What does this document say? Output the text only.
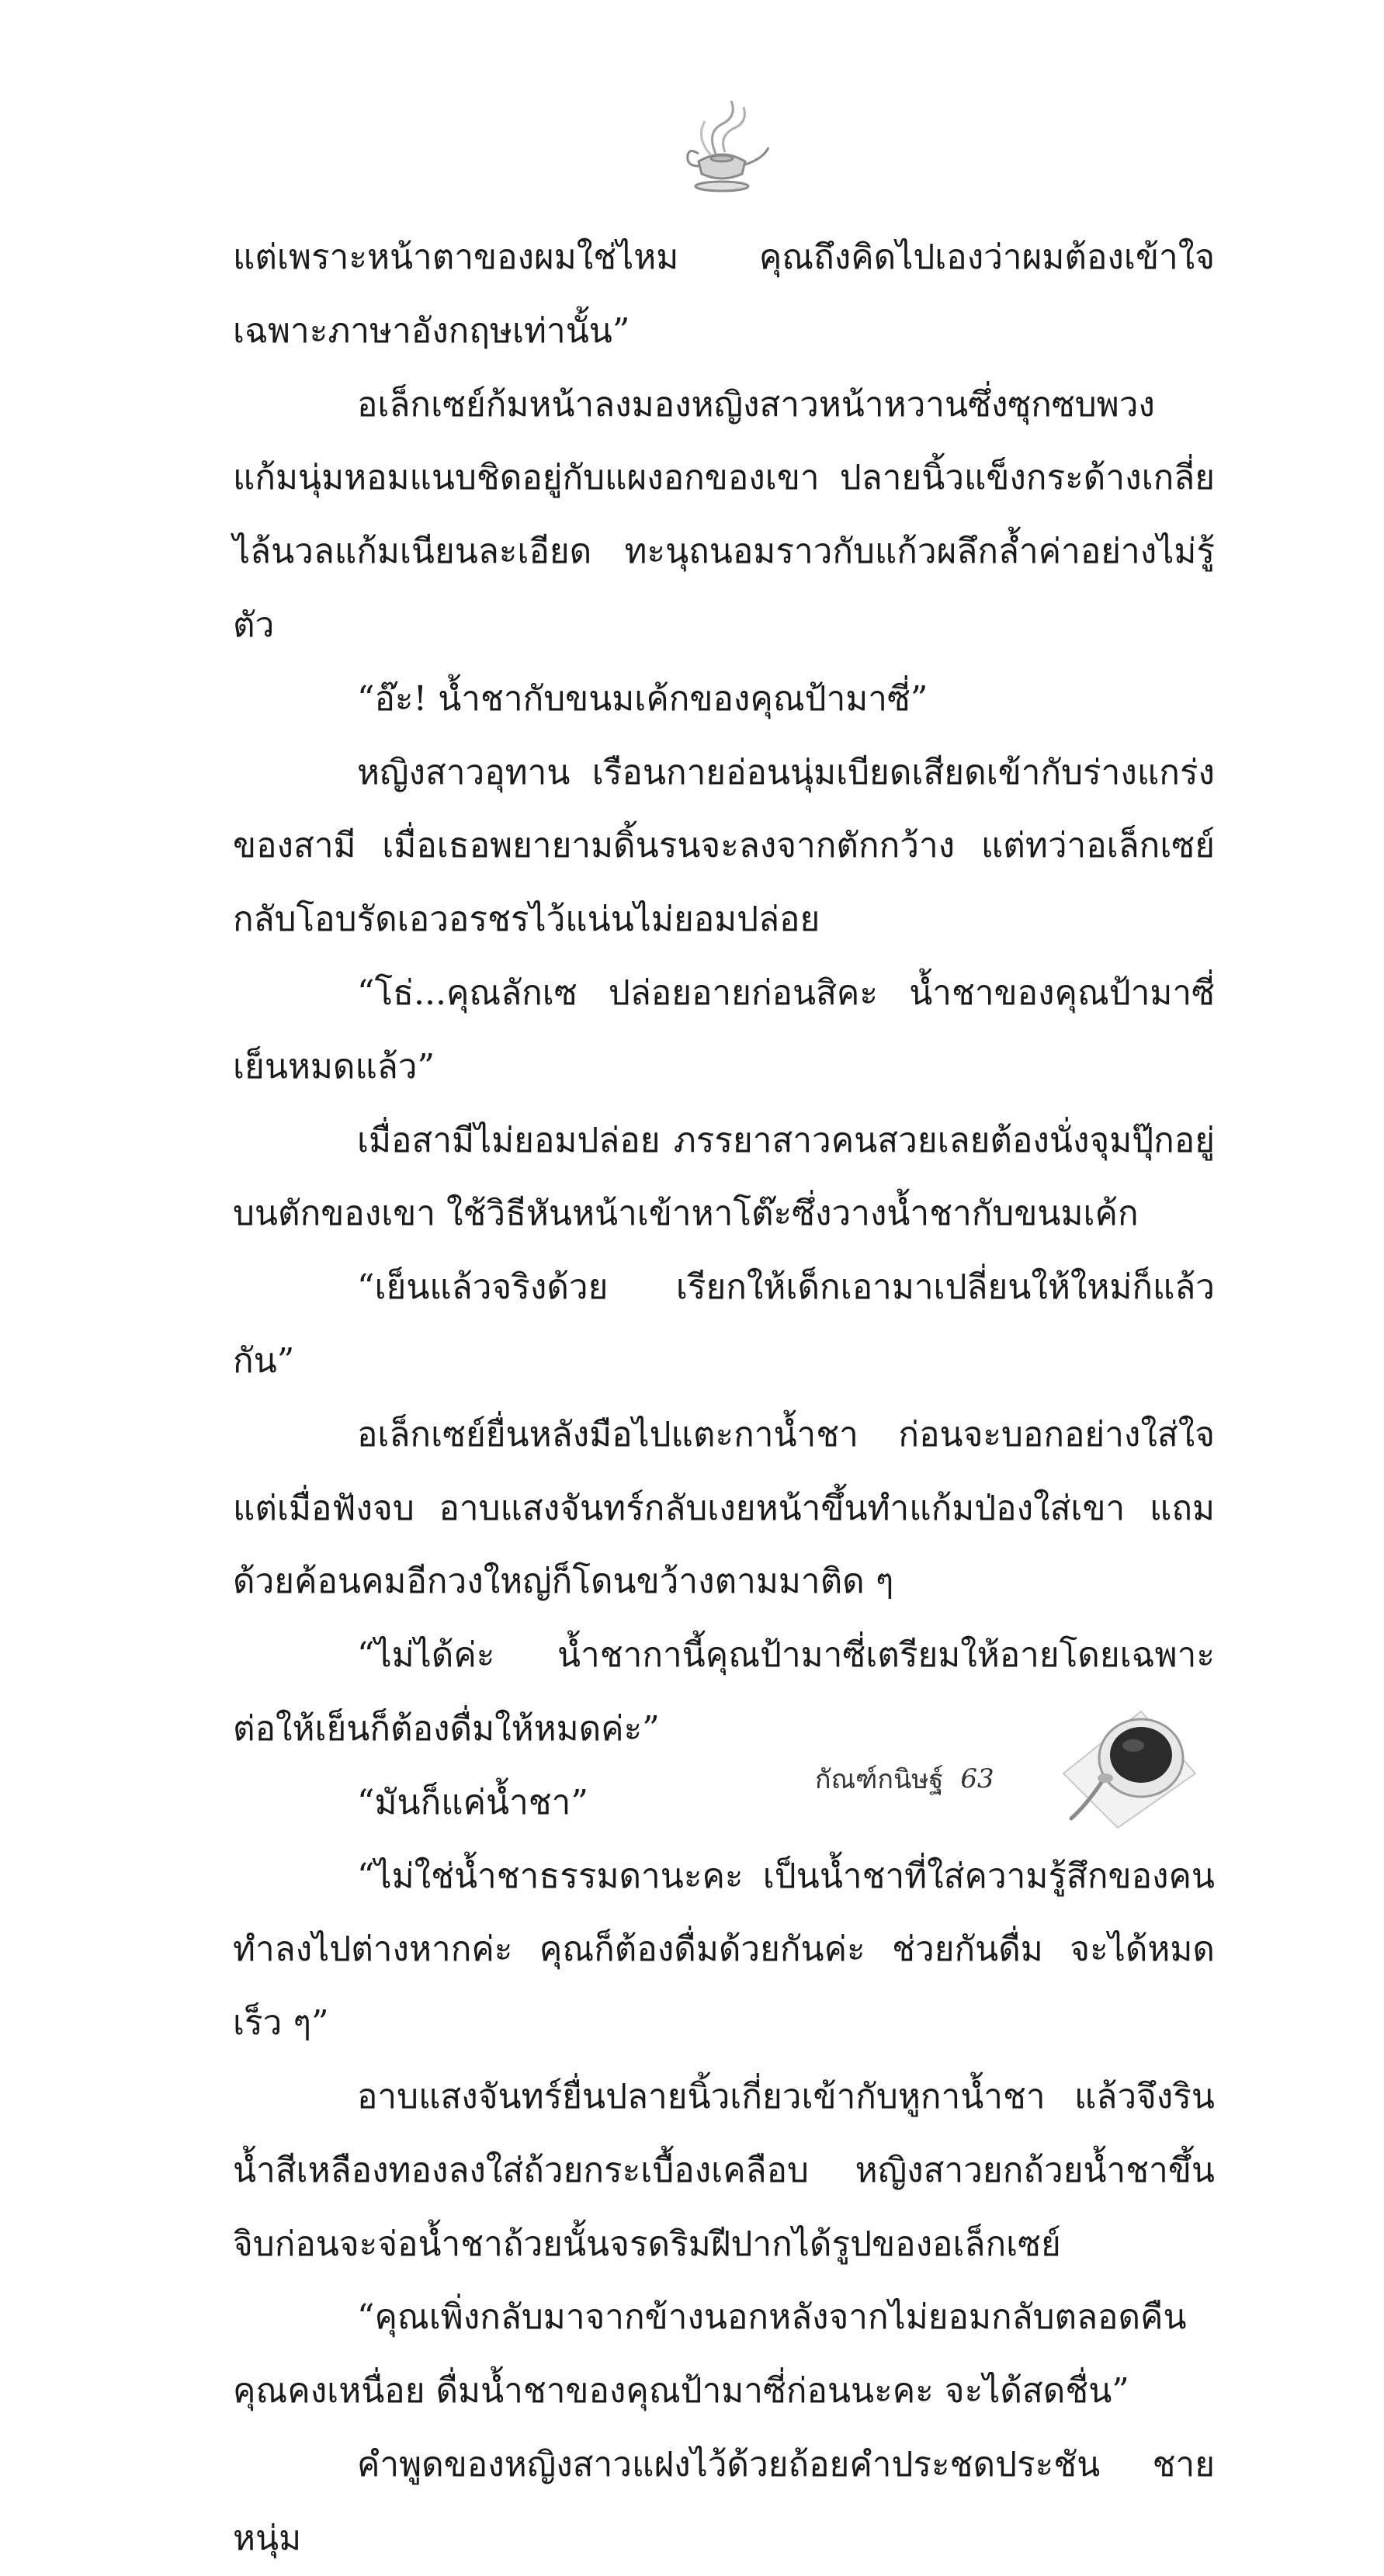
แต่เพราะหน้าตาของผมใช่ไหม คุณถึงคิดไปเองว่าผมต้องเข้าใจเฉพาะภาษาอังกฤษเท่านั้น”

อเล็กเซย์ก้มหน้าลงมองหญิงสาวหน้าหวานซึ่งซุกซบพวงแก้มนุ่มหอมแนบชิดอยู่กับแผงอกของเขา ปลายนิ้วแข็งกระด้างเกลี่ยไล้นวลแก้มเนียนละเอียด ทะนุถนอมราวกับแก้วผลึกล้ำค่าอย่างไม่รู้ตัว

“อ๊ะ! น้ำชากับขนมเค้กของคุณป้ามาซี่”

หญิงสาวอุทาน เรือนกายอ่อนนุ่มเบียดเสียดเข้ากับร่างแกร่งของสามี เมื่อเธอพยายามดิ้นรนจะลงจากตักกว้าง แต่ทว่าอเล็กเซย์กลับโอบรัดเอวอรชรไว้แน่นไม่ยอมปล่อย

“โธ่...คุณลักเซ ปล่อยอายก่อนสิคะ น้ำชาของคุณป้ามาซี่เย็นหมดแล้ว”

เมื่อสามีไม่ยอมปล่อย ภรรยาสาวคนสวยเลยต้องนั่งจุมปุ๊กอยู่บนตักของเขา ใช้วิธีหันหน้าเข้าหาโต๊ะซึ่งวางน้ำชากับขนมเค้ก

“เย็นแล้วจริงด้วย เรียกให้เด็กเอามาเปลี่ยนให้ใหม่ก็แล้วกัน”

อเล็กเซย์ยื่นหลังมือไปแตะกาน้ำชา ก่อนจะบอกอย่างใส่ใจ แต่เมื่อฟังจบ อาบแสงจันทร์กลับเงยหน้าขึ้นทำแก้มป่องใส่เขา แถมด้วยค้อนคมอีกวงใหญ่ก็โดนขว้างตามมาติด ๆ

“ไม่ได้ค่ะ น้ำชากานี้คุณป้ามาซี่เตรียมให้อายโดยเฉพาะ ต่อให้เย็นก็ต้องดื่มให้หมดค่ะ”

“มันก็แค่น้ำชา”

“ไม่ใช่น้ำชาธรรมดานะคะ เป็นน้ำชาที่ใส่ความรู้สึกของคนทำลงไปต่างหากค่ะ คุณก็ต้องดื่มด้วยกันค่ะ ช่วยกันดื่ม จะได้หมดเร็ว ๆ”

อาบแสงจันทร์ยื่นปลายนิ้วเกี่ยวเข้ากับหูกาน้ำชา แล้วจึงรินน้ำสีเหลืองทองลงใส่ถ้วยกระเบื้องเคลือบ หญิงสาวยกถ้วยน้ำชาขึ้นจิบก่อนจะจ่อน้ำชาถ้วยนั้นจรดริมฝีปากได้รูปของอเล็กเซย์

“คุณเพิ่งกลับมาจากข้างนอกหลังจากไม่ยอมกลับตลอดคืน คุณคงเหนื่อย ดื่มน้ำชาของคุณป้ามาซี่ก่อนนะคะ จะได้สดชื่น”

คำพูดของหญิงสาวแฝงไว้ด้วยถ้อยคำประชดประชัน ชายหนุ่ม

กัณฑ์กนิษฐ์ 63
